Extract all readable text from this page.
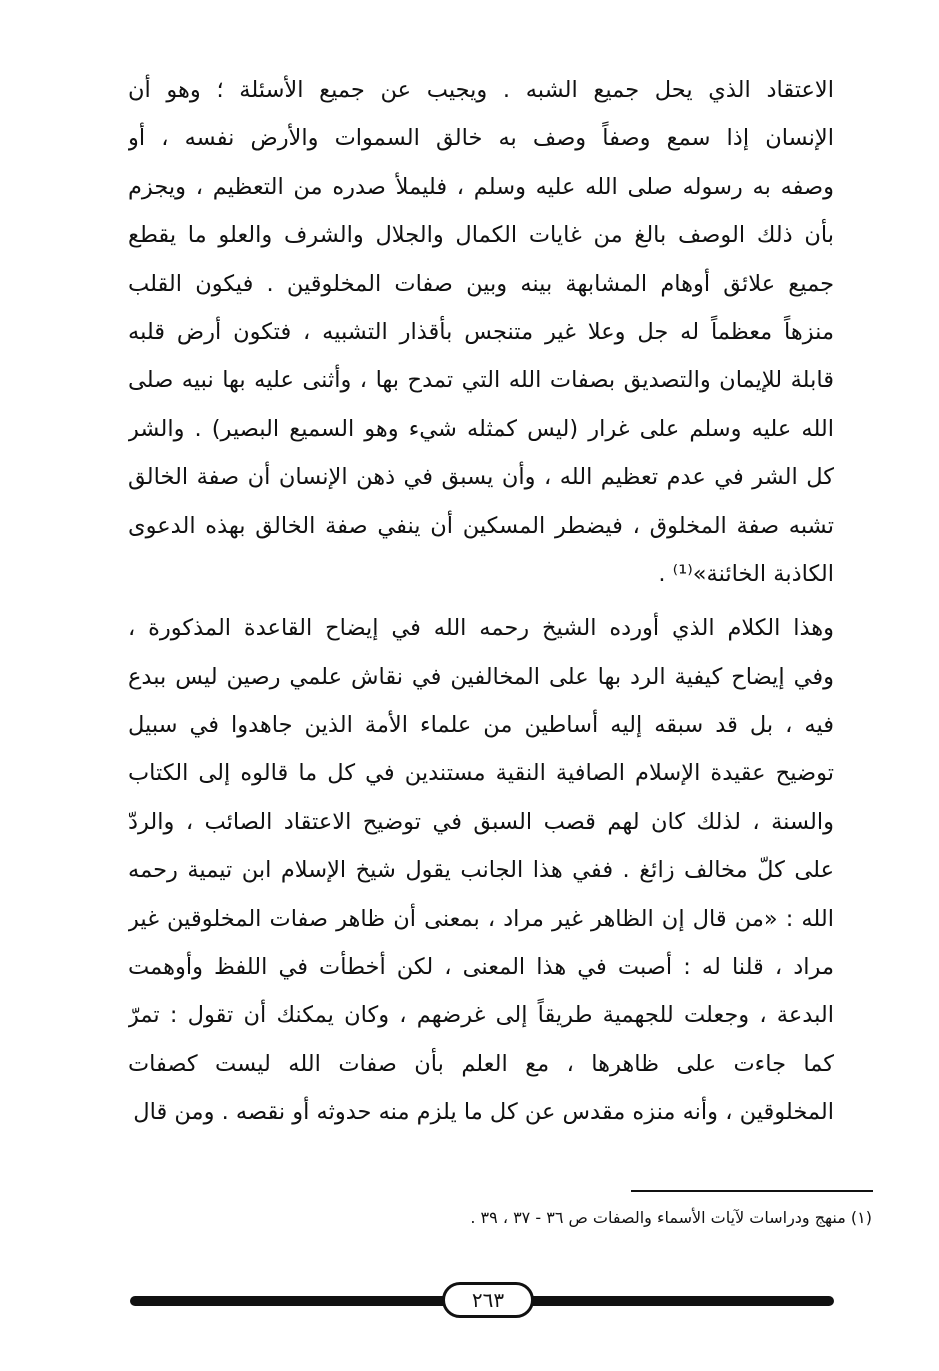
الاعتقاد الذي يحل جميع الشبه . ويجيب عن جميع الأسئلة ؛ وهو أن
الإنسان إذا سمع وصفاً وصف به خالق السموات والأرض نفسه ، أو
وصفه به رسوله صلى الله عليه وسلم ، فليملأ صدره من التعظيم ، ويجزم
بأن ذلك الوصف بالغ من غايات الكمال والجلال والشرف والعلو ما يقطع
جميع علائق أوهام المشابهة بينه وبين صفات المخلوقين . فيكون القلب
منزهاً معظماً له جل وعلا غير متنجس بأقذار التشبيه ، فتكون أرض قلبه
قابلة للإيمان والتصديق بصفات الله التي تمدح بها ، وأثنى عليه بها نبيه صلى
الله عليه وسلم على غرار (ليس كمثله شيء وهو السميع البصير) . والشر
كل الشر في عدم تعظيم الله ، وأن يسبق في ذهن الإنسان أن صفة الخالق
تشبه صفة المخلوق ، فيضطر المسكين أن ينفي صفة الخالق بهذه الدعوى
الكاذبة الخائنة»⁽¹⁾ .
وهذا الكلام الذي أورده الشيخ رحمه الله في إيضاح القاعدة المذكورة ،
وفي إيضاح كيفية الرد بها على المخالفين في نقاش علمي رصين ليس ببدع
فيه ، بل قد سبقه إليه أساطين من علماء الأمة الذين جاهدوا في سبيل
توضيح عقيدة الإسلام الصافية النقية مستندين في كل ما قالوه إلى الكتاب
والسنة ، لذلك كان لهم قصب السبق في توضيح الاعتقاد الصائب ، والردّ
على كلّ مخالف زائغ . ففي هذا الجانب يقول شيخ الإسلام ابن تيمية رحمه
الله : «من قال إن الظاهر غير مراد ، بمعنى أن ظاهر صفات المخلوقين غير
مراد ، قلنا له : أصبت في هذا المعنى ، لكن أخطأت في اللفظ وأوهمت
البدعة ، وجعلت للجهمية طريقاً إلى غرضهم ، وكان يمكنك أن تقول : تمرّ
كما جاءت على ظاهرها ، مع العلم بأن صفات الله ليست كصفات
المخلوقين ، وأنه منزه مقدس عن كل ما يلزم منه حدوثه أو نقصه . ومن قال
(١) منهج ودراسات لآيات الأسماء والصفات ص ٣٦ - ٣٧ ، ٣٩ .
٢٦٣
